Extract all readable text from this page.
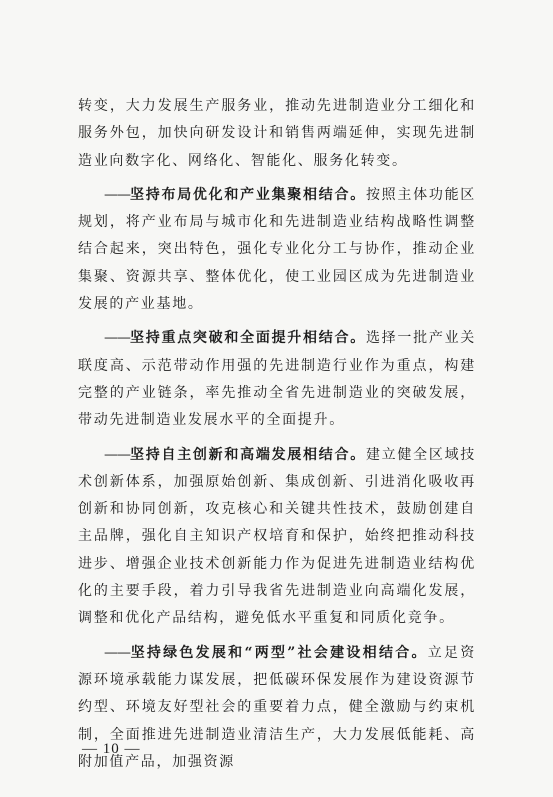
转变，大力发展生产服务业，推动先进制造业分工细化和服务外包，加快向研发设计和销售两端延伸，实现先进制造业向数字化、网络化、智能化、服务化转变。

——坚持布局优化和产业集聚相结合。按照主体功能区规划，将产业布局与城市化和先进制造业结构战略性调整结合起来，突出特色，强化专业化分工与协作，推动企业集聚、资源共享、整体优化，使工业园区成为先进制造业发展的产业基地。

——坚持重点突破和全面提升相结合。选择一批产业关联度高、示范带动作用强的先进制造行业作为重点，构建完整的产业链条，率先推动全省先进制造业的突破发展，带动先进制造业发展水平的全面提升。

——坚持自主创新和高端发展相结合。建立健全区域技术创新体系，加强原始创新、集成创新、引进消化吸收再创新和协同创新，攻克核心和关键共性技术，鼓励创建自主品牌，强化自主知识产权培育和保护，始终把推动科技进步、增强企业技术创新能力作为促进先进制造业结构优化的主要手段，着力引导我省先进制造业向高端化发展，调整和优化产品结构，避免低水平重复和同质化竞争。

——坚持绿色发展和“两型”社会建设相结合。立足资源环境承载能力谋发展，把低碳环保发展作为建设资源节约型、环境友好型社会的重要着力点，健全激励与约束机制，全面推进先进制造业清洁生产，大力发展低能耗、高附加值产品，加强资源

— 10 —
